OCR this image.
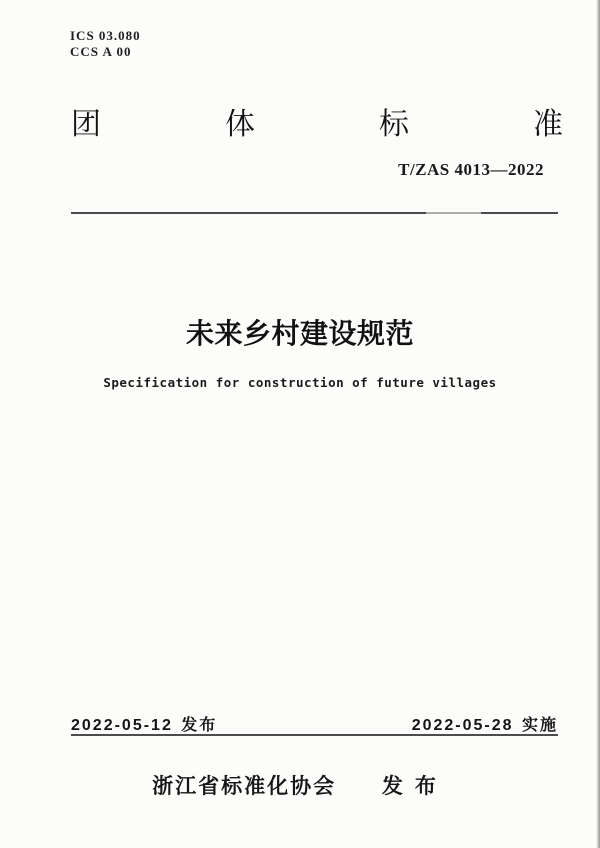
ICS 03.080
CCS A 00
团	体	标	准
T/ZAS 4013—2022
未来乡村建设规范
Specification for construction of future villages
2022-05-12 发布	2022-05-28 实施
浙江省标准化协会 发布
